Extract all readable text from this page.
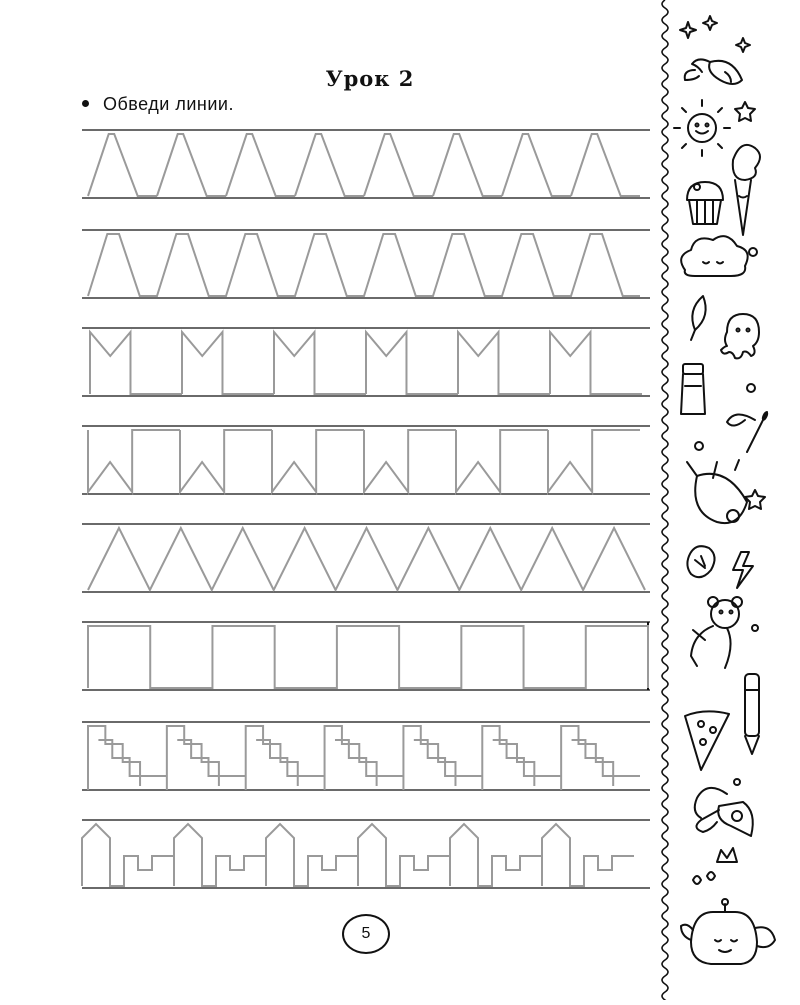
Урок 2
Обведи линии.
5
